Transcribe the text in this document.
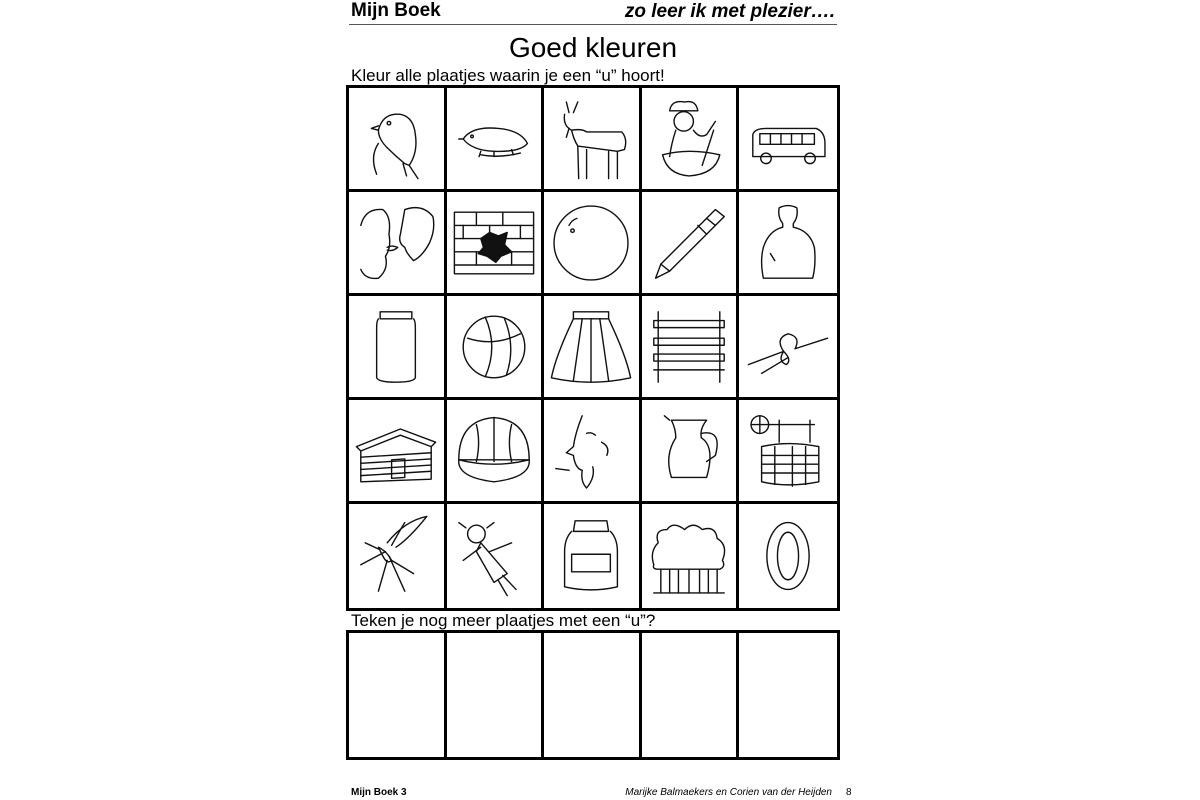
Mijn Boek	zo leer ik met plezier….
Goed kleuren
Kleur alle plaatjes waarin je een “u” hoort!
Teken je nog meer plaatjes met een “u”?
Mijn Boek 3	Marijke Balmaekers en Corien van der Heijden 8
